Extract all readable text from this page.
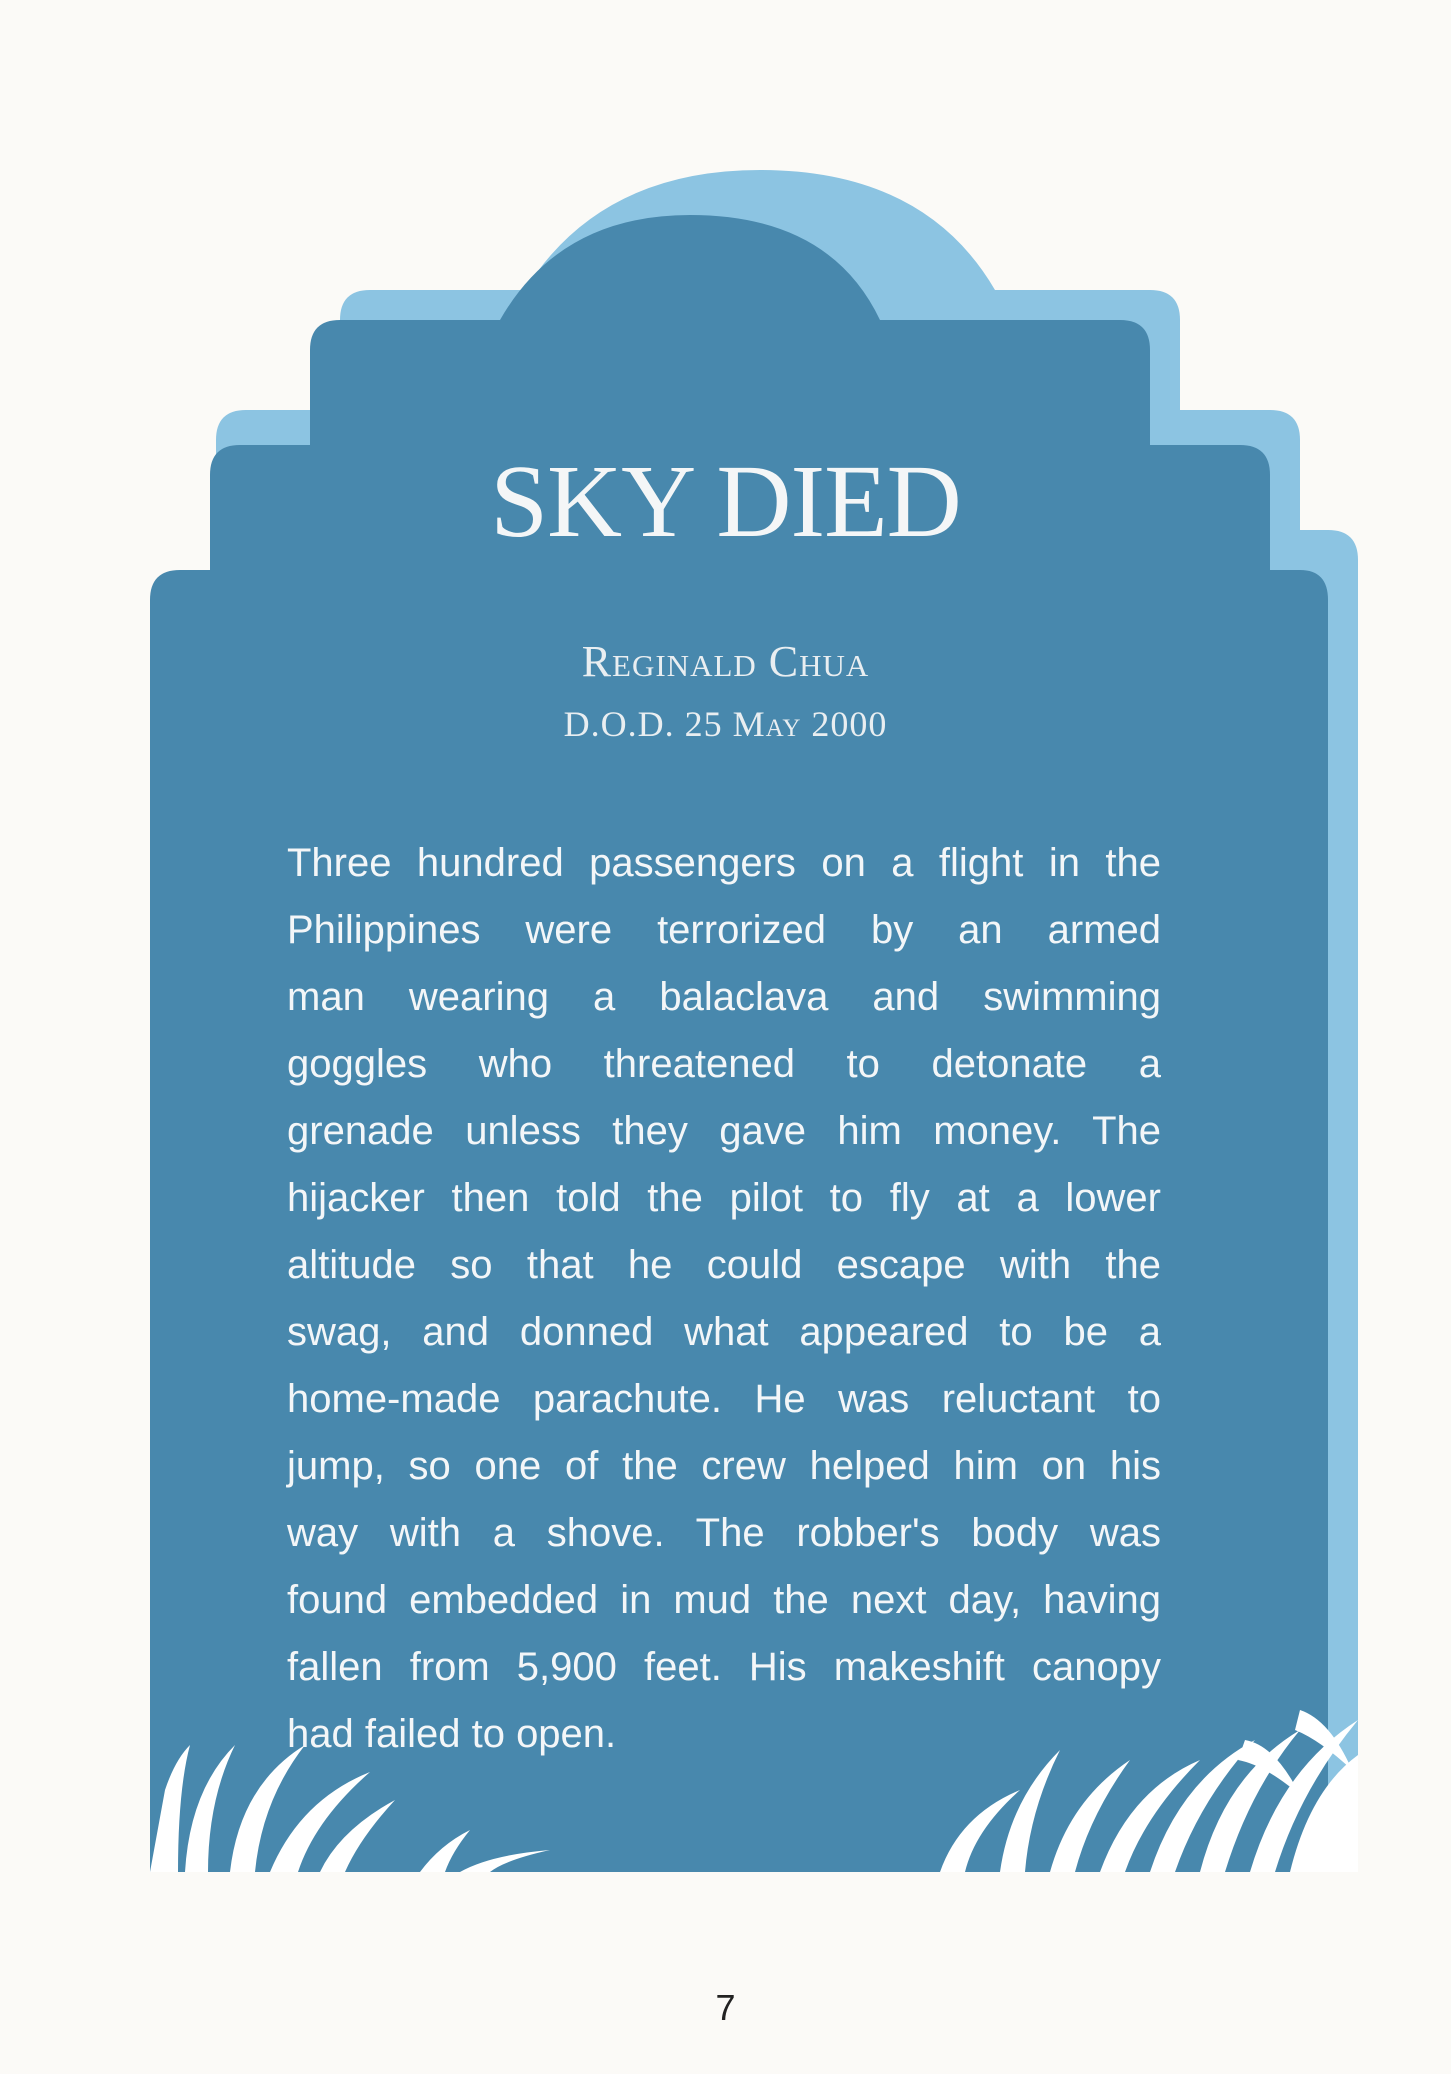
SKY DIED

Reginald Chua

D.O.D. 25 May 2000

Three hundred passengers on a flight in the
Philippines were terrorized by an armed
man wearing a balaclava and swimming
goggles who threatened to detonate a
grenade unless they gave him money. The
hijacker then told the pilot to fly at a lower
altitude so that he could escape with the
swag, and donned what appeared to be a
home-made parachute. He was reluctant to
jump, so one of the crew helped him on his
way with a shove. The robber's body was
found embedded in mud the next day, having
fallen from 5,900 feet. His makeshift canopy
had failed to open.

7
